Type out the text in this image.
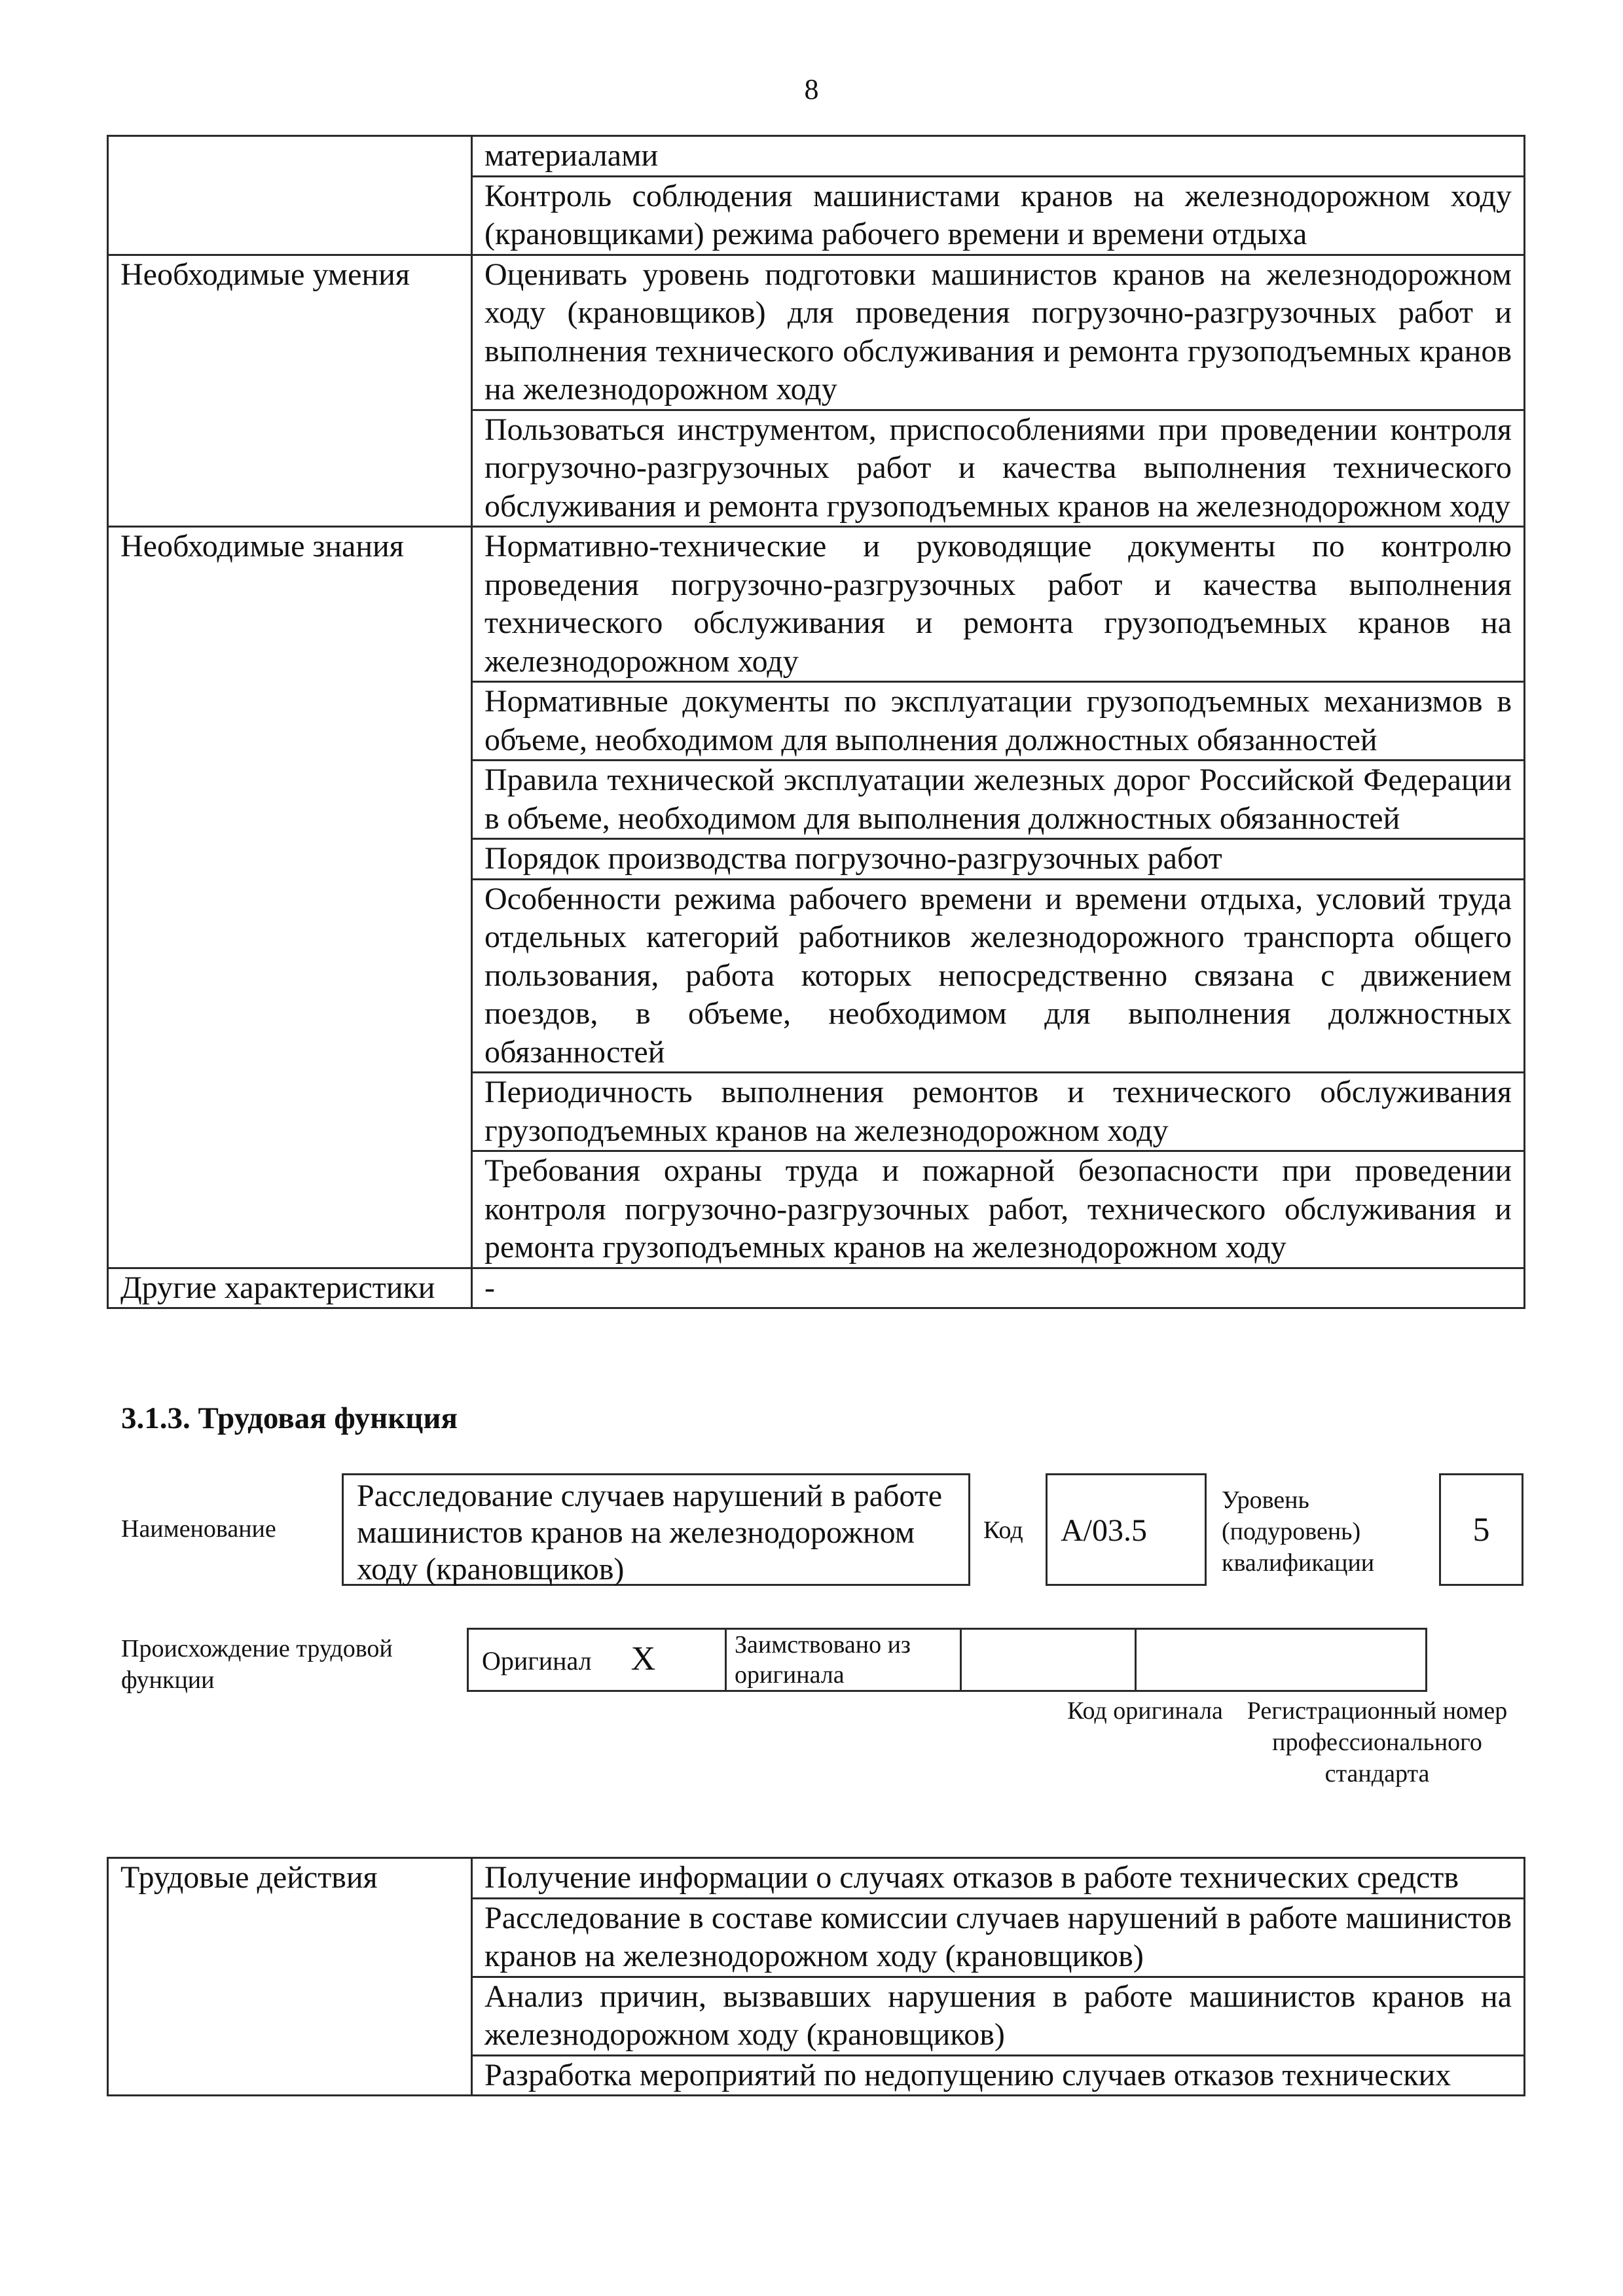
8
	материалами
	Контроль соблюдения машинистами кранов на железнодорожном ходу (крановщиками) режима рабочего времени и времени отдыха
Необходимые умения	Оценивать уровень подготовки машинистов кранов на железнодорожном ходу (крановщиков) для проведения погрузочно-разгрузочных работ и выполнения технического обслуживания и ремонта грузоподъемных кранов на железнодорожном ходу
	Пользоваться инструментом, приспособлениями при проведении контроля погрузочно-разгрузочных работ и качества выполнения технического обслуживания и ремонта грузоподъемных кранов на железнодорожном ходу
Необходимые знания	Нормативно-технические и руководящие документы по контролю проведения погрузочно-разгрузочных работ и качества выполнения технического обслуживания и ремонта грузоподъемных кранов на железнодорожном ходу
	Нормативные документы по эксплуатации грузоподъемных механизмов в объеме, необходимом для выполнения должностных обязанностей
	Правила технической эксплуатации железных дорог Российской Федерации в объеме, необходимом для выполнения должностных обязанностей
	Порядок производства погрузочно-разгрузочных работ
	Особенности режима рабочего времени и времени отдыха, условий труда отдельных категорий работников железнодорожного транспорта общего пользования, работа которых непосредственно связана с движением поездов, в объеме, необходимом для выполнения должностных обязанностей
	Периодичность выполнения ремонтов и технического обслуживания грузоподъемных кранов на железнодорожном ходу
	Требования охраны труда и пожарной безопасности при проведении контроля погрузочно-разгрузочных работ, технического обслуживания и ремонта грузоподъемных кранов на железнодорожном ходу
Другие характеристики	-
3.1.3. Трудовая функция
Наименование
Расследование случаев нарушений в работе машинистов кранов на железнодорожном ходу (крановщиков)
Код	А/03.5
Уровень (подуровень) квалификации
5
Происхождение трудовой функции
Оригинал Х	Заимствовано из оригинала		
Код оригинала Регистрационный номер профессионального стандарта
Трудовые действия	Получение информации о случаях отказов в работе технических средств
Расследование в составе комиссии случаев нарушений в работе машинистов кранов на железнодорожном ходу (крановщиков)
Анализ причин, вызвавших нарушения в работе машинистов кранов на железнодорожном ходу (крановщиков)
Разработка мероприятий по недопущению случаев отказов технических
